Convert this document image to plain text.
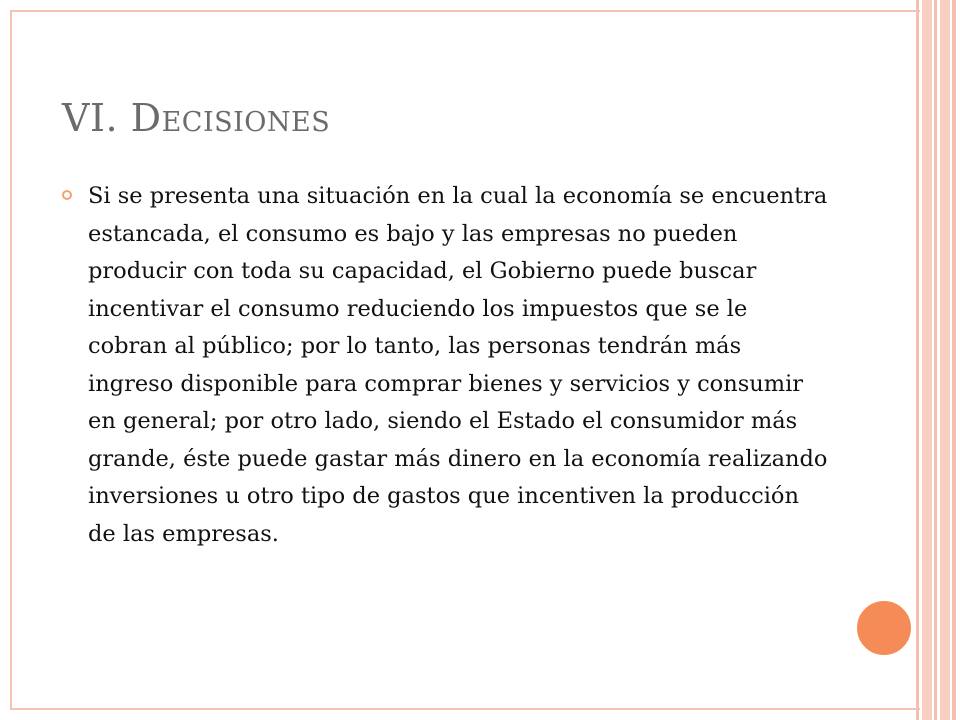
VI. Decisiones

Si se presenta una situación en la cual la economía se encuentra estancada, el consumo es bajo y las empresas no pueden producir con toda su capacidad, el Gobierno puede buscar incentivar el consumo reduciendo los impuestos que se le cobran al público; por lo tanto, las personas tendrán más ingreso disponible para comprar bienes y servicios y consumir en general; por otro lado, siendo el Estado el consumidor más grande, éste puede gastar más dinero en la economía realizando inversiones u otro tipo de gastos que incentiven la producción de las empresas.
